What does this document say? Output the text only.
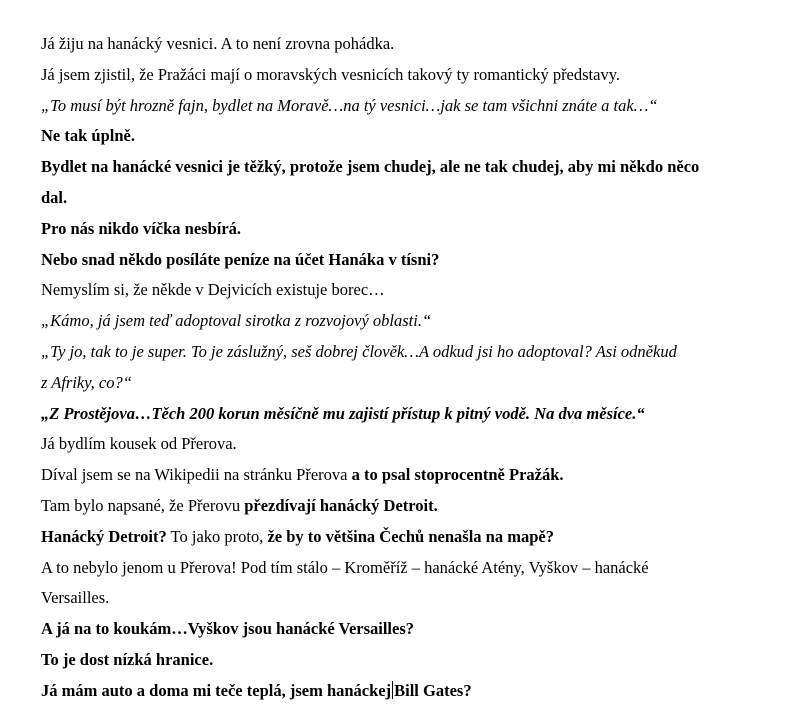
Já žiju na hanácký vesnici. A to není zrovna pohádka.
Já jsem zjistil, že Pražáci mají o moravských vesnicích takový ty romantický představy.
„To musí být hrozně fajn, bydlet na Moravě…na tý vesnici…jak se tam všichni znáte a tak…“
Ne tak úplně.
Bydlet na hanácké vesnici je těžký, protože jsem chudej, ale ne tak chudej, aby mi někdo něco
dal.
Pro nás nikdo víčka nesbírá.
Nebo snad někdo posíláte peníze na účet Hanáka v tísni?
Nemyslím si, že někde v Dejvicích existuje borec…
„Kámo, já jsem teď adoptoval sirotka z rozvojový oblasti.“
„Ty jo, tak to je super. To je záslužný, seš dobrej člověk…A odkud jsi ho adoptoval? Asi odněkud
z Afriky, co?“
„Z Prostějova…Těch 200 korun měsíčně mu zajistí přístup k pitný vodě. Na dva měsíce.“
Já bydlím kousek od Přerova.
Díval jsem se na Wikipedii na stránku Přerova a to psal stoprocentně Pražák.
Tam bylo napsané, že Přerovu přezdívají hanácký Detroit.
Hanácký Detroit? To jako proto, že by to většina Čechů nenašla na mapě?
A to nebylo jenom u Přerova! Pod tím stálo – Kroměříž – hanácké Atény, Vyškov – hanácké
Versailles.
A já na to koukám…Vyškov jsou hanácké Versailles?
To je dost nízká hranice.
Já mám auto a doma mi teče teplá, jsem hanáckej Bill Gates?
